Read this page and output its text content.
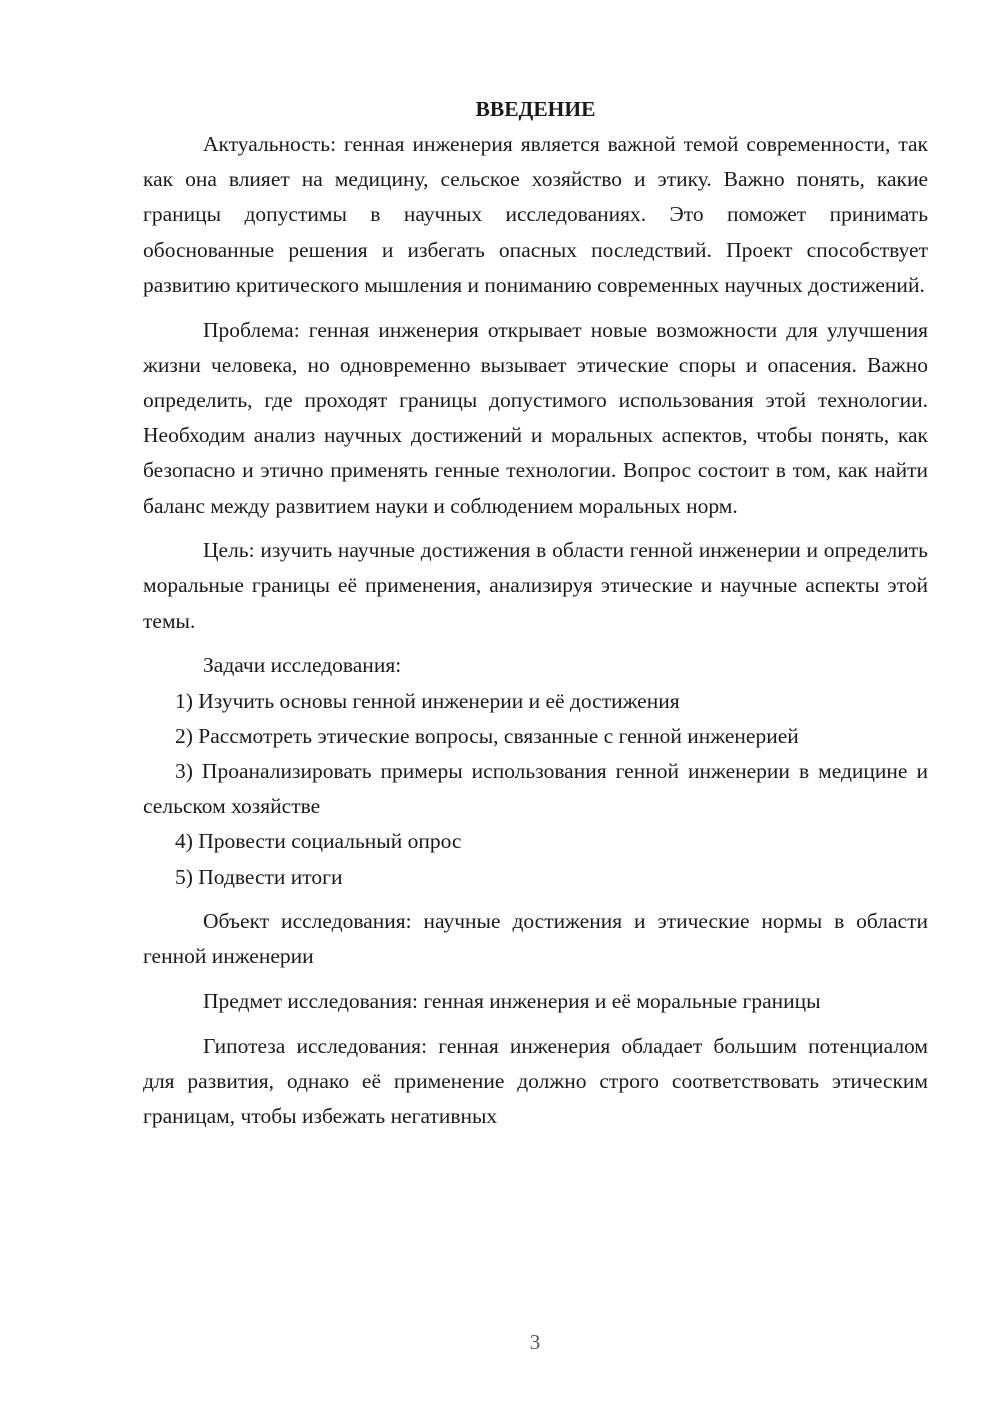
ВВЕДЕНИЕ

Актуальность: генная инженерия является важной темой современности, так как она влияет на медицину, сельское хозяйство и этику. Важно понять, какие границы допустимы в научных исследованиях. Это поможет принимать обоснованные решения и избегать опасных последствий. Проект способствует развитию критического мышления и пониманию современных научных достижений.

Проблема: генная инженерия открывает новые возможности для улучшения жизни человека, но одновременно вызывает этические споры и опасения. Важно определить, где проходят границы допустимого использования этой технологии. Необходим анализ научных достижений и моральных аспектов, чтобы понять, как безопасно и этично применять генные технологии. Вопрос состоит в том, как найти баланс между развитием науки и соблюдением моральных норм.

Цель: изучить научные достижения в области генной инженерии и определить моральные границы её применения, анализируя этические и научные аспекты этой темы.

Задачи исследования:

1) Изучить основы генной инженерии и её достижения

2) Рассмотреть этические вопросы, связанные с генной инженерией

3) Проанализировать примеры использования генной инженерии в медицине и сельском хозяйстве

4) Провести социальный опрос

5) Подвести итоги

Объект исследования: научные достижения и этические нормы в области генной инженерии

Предмет исследования: генная инженерия и её моральные границы

Гипотеза исследования: генная инженерия обладает большим потенциалом для развития, однако её применение должно строго соответствовать этическим границам, чтобы избежать негативных

3
